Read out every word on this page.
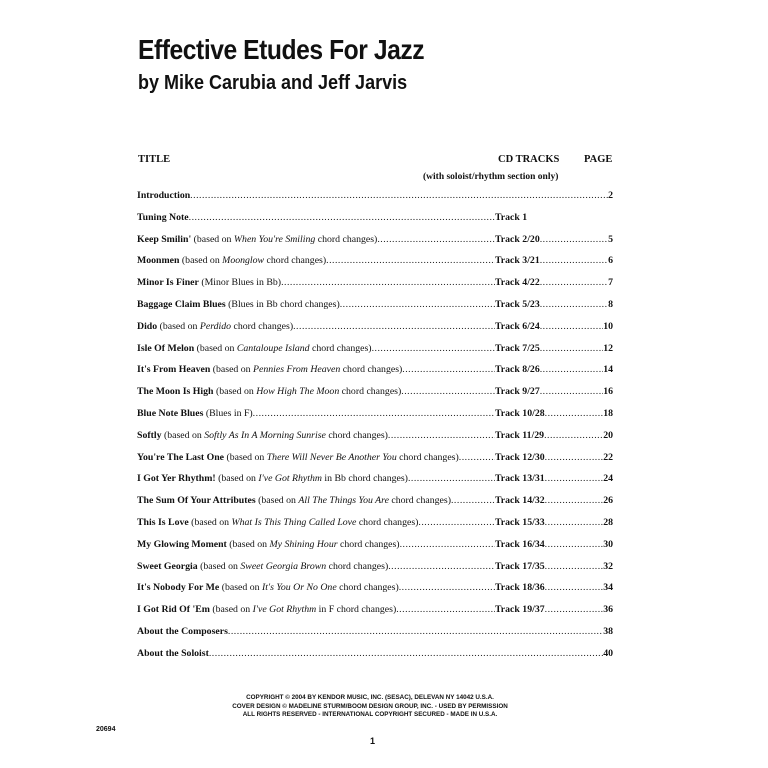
Effective Etudes For Jazz
by Mike Carubia and Jeff Jarvis
TITLE	CD TRACKS PAGE
(with soloist/rhythm section only)
Introduction .....	2
Tuning Note .....	Track 1
Keep Smilin' (based on When You're Smiling chord changes) .....	Track 2/20 .....	5
Moonmen (based on Moonglow chord changes) .....	Track 3/21 .....	6
Minor Is Finer (Minor Blues in Bb) .....	Track 4/22 .....	7
Baggage Claim Blues (Blues in Bb chord changes) .....	Track 5/23 .....	8
Dido (based on Perdido chord changes) .....	Track 6/24 .....	10
Isle Of Melon (based on Cantaloupe Island chord changes) .....	Track 7/25 .....	12
It's From Heaven (based on Pennies From Heaven chord changes) .....	Track 8/26 .....	14
The Moon Is High (based on How High The Moon chord changes) .....	Track 9/27 .....	16
Blue Note Blues (Blues in F) .....	Track 10/28 .....	18
Softly (based on Softly As In A Morning Sunrise chord changes) .....	Track 11/29 .....	20
You're The Last One (based on There Will Never Be Another You chord changes) .....	Track 12/30 .....	22
I Got Yer Rhythm! (based on I've Got Rhythm in Bb chord changes) .....	Track 13/31 .....	24
The Sum Of Your Attributes (based on All The Things You Are chord changes) .....	Track 14/32 .....	26
This Is Love (based on What Is This Thing Called Love chord changes) .....	Track 15/33 .....	28
My Glowing Moment (based on My Shining Hour chord changes) .....	Track 16/34 .....	30
Sweet Georgia (based on Sweet Georgia Brown chord changes) .....	Track 17/35 .....	32
It's Nobody For Me (based on It's You Or No One chord changes) .....	Track 18/36 .....	34
I Got Rid Of 'Em (based on I've Got Rhythm in F chord changes) .....	Track 19/37 .....	36
About the Composers .....	38
About the Soloist .....	40

COPYRIGHT © 2004 BY KENDOR MUSIC, INC. (SESAC), DELEVAN NY 14042 U.S.A.

COVER DESIGN © MADELINE STURM/BOOM DESIGN GROUP, INC. - USED BY PERMISSION

ALL RIGHTS RESERVED - INTERNATIONAL COPYRIGHT SECURED - MADE IN U.S.A.

20694
1
